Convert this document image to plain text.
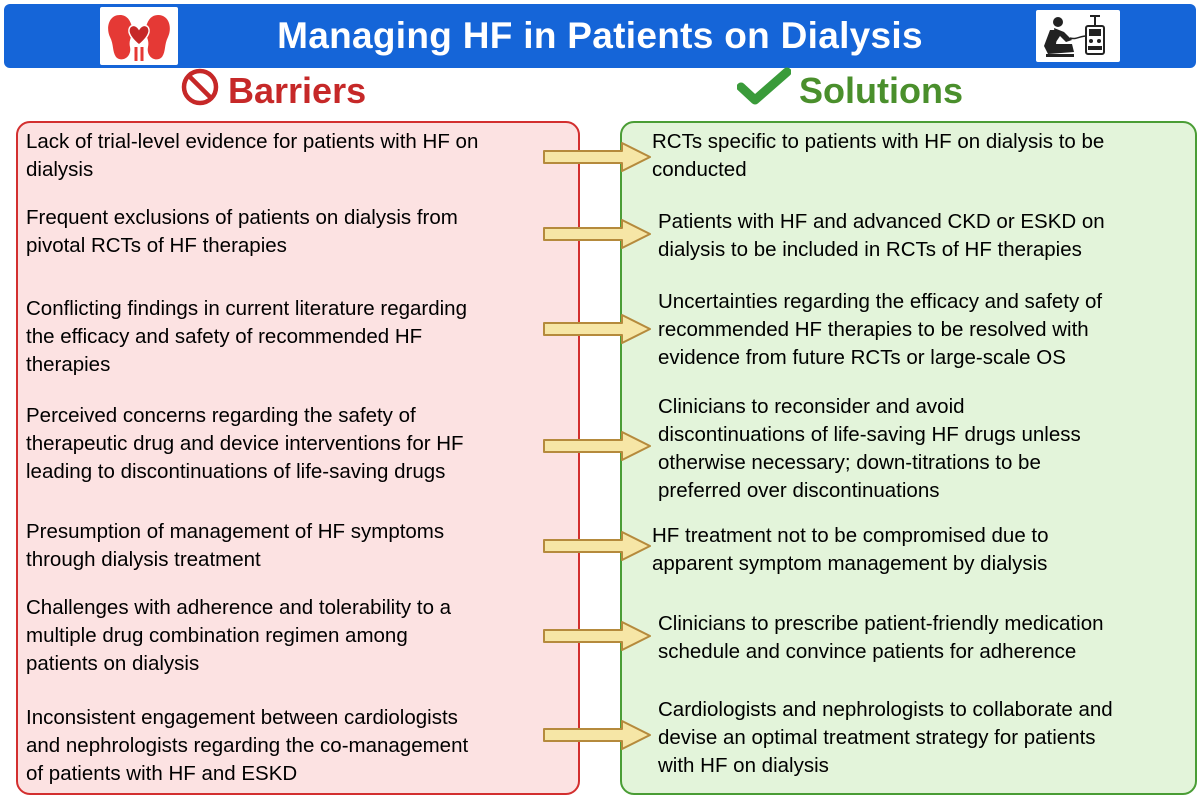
Managing HF in Patients on Dialysis
Barriers	Solutions
Lack of trial-level evidence for patients with HF on
dialysis
Frequent exclusions of patients on dialysis from
pivotal RCTs of HF therapies
Conflicting findings in current literature regarding
the efficacy and safety of recommended HF
therapies
Perceived concerns regarding the safety of
therapeutic drug and device interventions for HF
leading to discontinuations of life-saving drugs
Presumption of management of HF symptoms
through dialysis treatment
Challenges with adherence and tolerability to a
multiple drug combination regimen among
patients on dialysis
Inconsistent engagement between cardiologists
and nephrologists regarding the co-management
of patients with HF and ESKD
RCTs specific to patients with HF on dialysis to be
conducted
Patients with HF and advanced CKD or ESKD on
dialysis to be included in RCTs of HF therapies
Uncertainties regarding the efficacy and safety of
recommended HF therapies to be resolved with
evidence from future RCTs or large-scale OS
Clinicians to reconsider and avoid
discontinuations of life-saving HF drugs unless
otherwise necessary; down-titrations to be
preferred over discontinuations
HF treatment not to be compromised due to
apparent symptom management by dialysis
Clinicians to prescribe patient-friendly medication
schedule and convince patients for adherence
Cardiologists and nephrologists to collaborate and
devise an optimal treatment strategy for patients
with HF on dialysis
